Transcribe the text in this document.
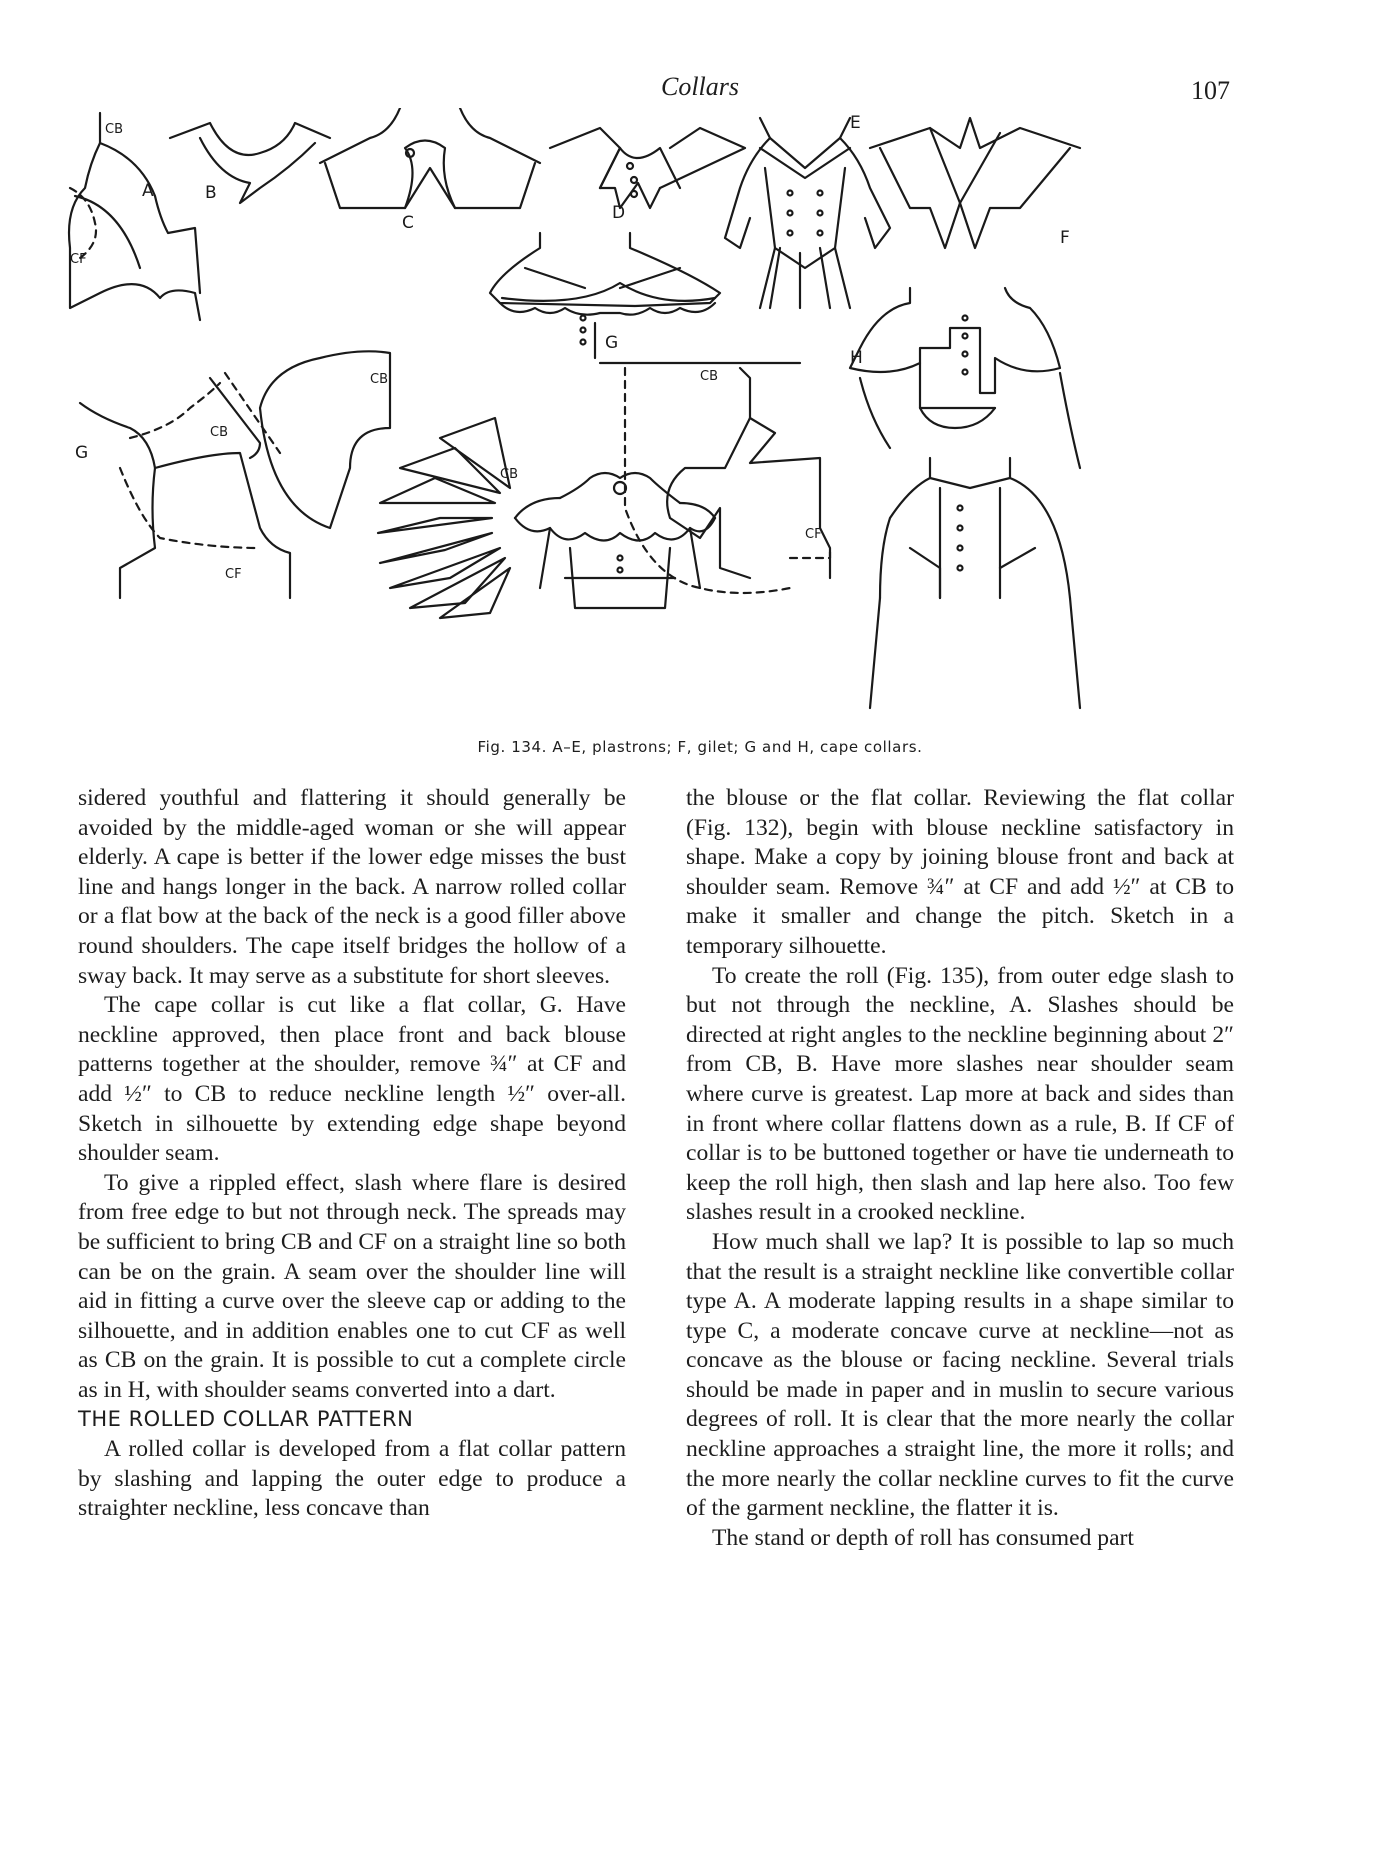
Collars	107
CB
CF
A	B
C	D
E
F
G
CB
CF
G
CB
CB
CB
CF
H
Fig. 134. A–E, plastrons; F, gilet; G and H, cape collars.

sidered youthful and flattering it should generally be avoided by the middle-aged woman or she will appear elderly. A cape is better if the lower edge misses the bust line and hangs longer in the back. A narrow rolled collar or a flat bow at the back of the neck is a good filler above round shoulders. The cape itself bridges the hollow of a sway back. It may serve as a substitute for short sleeves.

The cape collar is cut like a flat collar, G. Have neckline approved, then place front and back blouse patterns together at the shoulder, remove ¾″ at CF and add ½″ to CB to reduce neckline length ½″ over-all. Sketch in silhouette by extending edge shape beyond shoulder seam.

To give a rippled effect, slash where flare is desired from free edge to but not through neck. The spreads may be sufficient to bring CB and CF on a straight line so both can be on the grain. A seam over the shoulder line will aid in fitting a curve over the sleeve cap or adding to the silhouette, and in addition enables one to cut CF as well as CB on the grain. It is possible to cut a complete circle as in H, with shoulder seams converted into a dart.

THE ROLLED COLLAR PATTERN

A rolled collar is developed from a flat collar pattern by slashing and lapping the outer edge to produce a straighter neckline, less concave than

the blouse or the flat collar. Reviewing the flat collar (Fig. 132), begin with blouse neckline satisfactory in shape. Make a copy by joining blouse front and back at shoulder seam. Remove ¾″ at CF and add ½″ at CB to make it smaller and change the pitch. Sketch in a temporary silhouette.

To create the roll (Fig. 135), from outer edge slash to but not through the neckline, A. Slashes should be directed at right angles to the neckline beginning about 2″ from CB, B. Have more slashes near shoulder seam where curve is greatest. Lap more at back and sides than in front where collar flattens down as a rule, B. If CF of collar is to be buttoned together or have tie underneath to keep the roll high, then slash and lap here also. Too few slashes result in a crooked neckline.

How much shall we lap? It is possible to lap so much that the result is a straight neckline like convertible collar type A. A moderate lapping results in a shape similar to type C, a moderate concave curve at neckline—not as concave as the blouse or facing neckline. Several trials should be made in paper and in muslin to secure various degrees of roll. It is clear that the more nearly the collar neckline approaches a straight line, the more it rolls; and the more nearly the collar neckline curves to fit the curve of the garment neckline, the flatter it is.

The stand or depth of roll has consumed part
